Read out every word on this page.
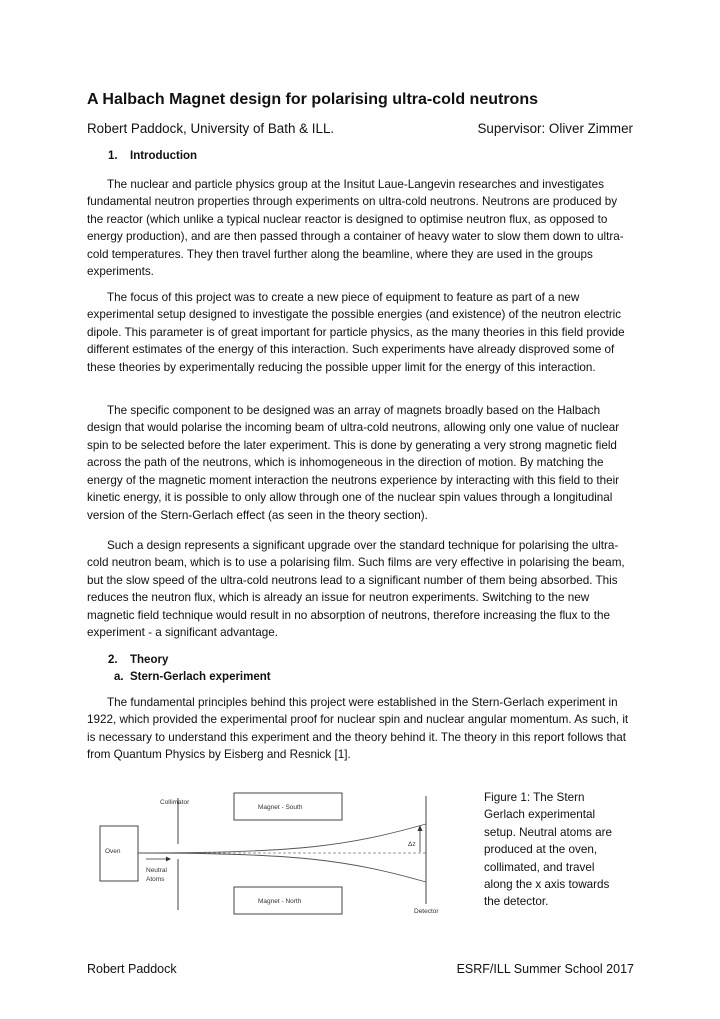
A Halbach Magnet design for polarising ultra-cold neutrons
Robert Paddock, University of Bath & ILL.	Supervisor: Oliver Zimmer
1. Introduction

The nuclear and particle physics group at the Insitut Laue-Langevin researches and investigates fundamental neutron properties through experiments on ultra-cold neutrons. Neutrons are produced by the reactor (which unlike a typical nuclear reactor is designed to optimise neutron flux, as opposed to energy production), and are then passed through a container of heavy water to slow them down to ultra-cold temperatures. They then travel further along the beamline, where they are used in the groups experiments.

The focus of this project was to create a new piece of equipment to feature as part of a new experimental setup designed to investigate the possible energies (and existence) of the neutron electric dipole. This parameter is of great important for particle physics, as the many theories in this field provide different estimates of the energy of this interaction. Such experiments have already disproved some of these theories by experimentally reducing the possible upper limit for the energy of this interaction.

The specific component to be designed was an array of magnets broadly based on the Halbach design that would polarise the incoming beam of ultra-cold neutrons, allowing only one value of nuclear spin to be selected before the later experiment. This is done by generating a very strong magnetic field across the path of the neutrons, which is inhomogeneous in the direction of motion. By matching the energy of the magnetic moment interaction the neutrons experience by interacting with this field to their kinetic energy, it is possible to only allow through one of the nuclear spin values through a longitudinal version of the Stern-Gerlach effect (as seen in the theory section).

Such a design represents a significant upgrade over the standard technique for polarising the ultra-cold neutron beam, which is to use a polarising film. Such films are very effective in polarising the beam, but the slow speed of the ultra-cold neutrons lead to a significant number of them being absorbed. This reduces the neutron flux, which is already an issue for neutron experiments. Switching to the new magnetic field technique would result in no absorption of neutrons, therefore increasing the flux to the experiment - a significant advantage.

2. Theory
a. Stern-Gerlach experiment

The fundamental principles behind this project were established in the Stern-Gerlach experiment in 1922, which provided the experimental proof for nuclear spin and nuclear angular momentum. As such, it is necessary to understand this experiment and the theory behind it. The theory in this report follows that from Quantum Physics by Eisberg and Resnick [1].

Oven
Collimator
Magnet - South
Magnet - North
Neutral
Atoms
Δz
Detector

Figure 1: The Stern Gerlach experimental setup. Neutral atoms are produced at the oven, collimated, and travel along the x axis towards the detector.

Robert Paddock	ESRF/ILL Summer School 2017
